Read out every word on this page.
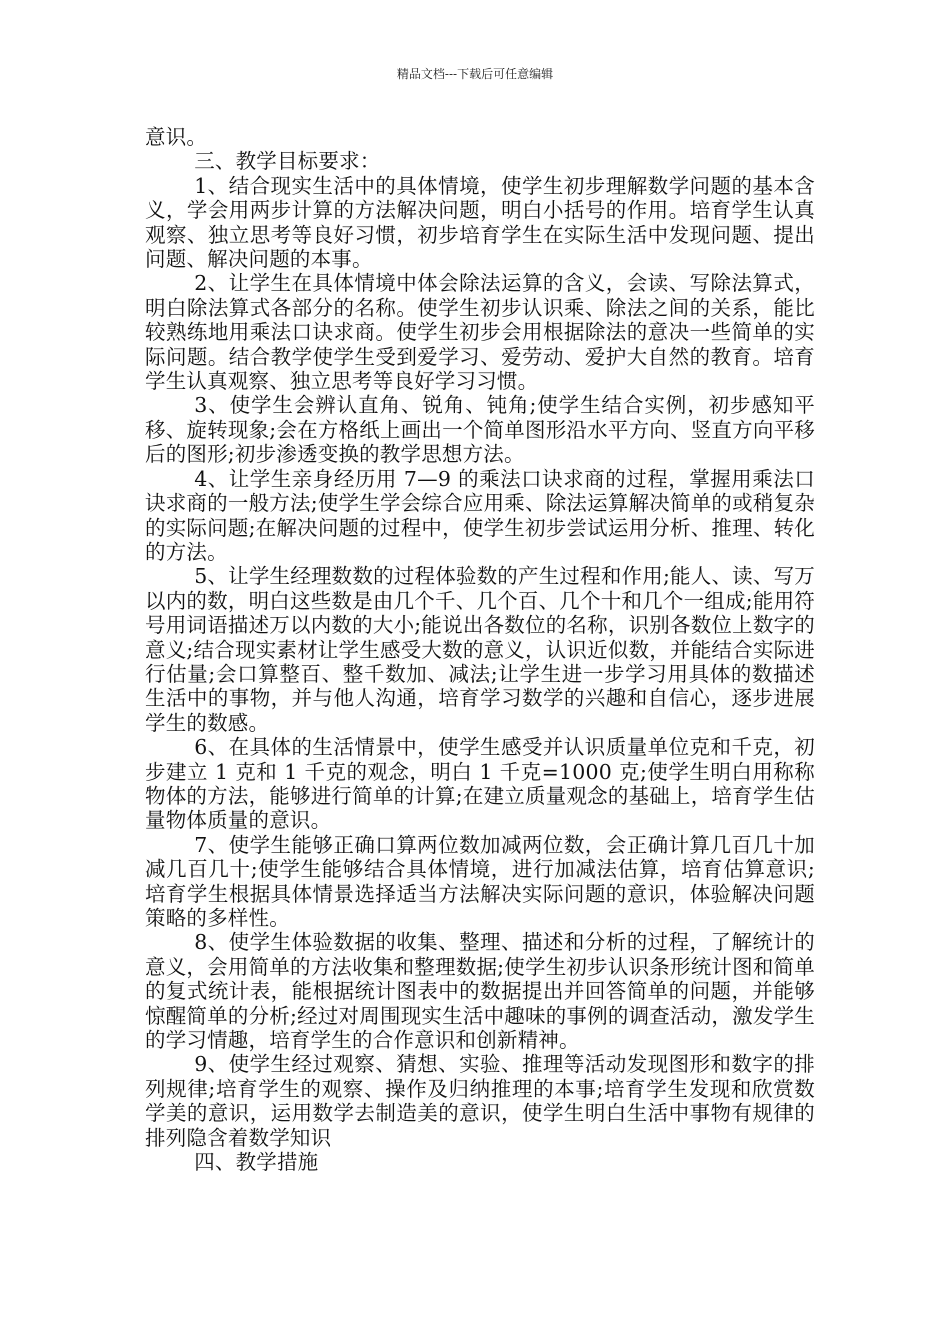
精品文档---下载后可任意编辑

意识。

三、教学目标要求：

1、结合现实生活中的具体情境，使学生初步理解数学问题的基本含义，学会用两步计算的方法解决问题，明白小括号的作用。培育学生认真观察、独立思考等良好习惯，初步培育学生在实际生活中发现问题、提出问题、解决问题的本事。

2、让学生在具体情境中体会除法运算的含义，会读、写除法算式，明白除法算式各部分的名称。使学生初步认识乘、除法之间的关系，能比较熟练地用乘法口诀求商。使学生初步会用根据除法的意决一些简单的实际问题。结合教学使学生受到爱学习、爱劳动、爱护大自然的教育。培育学生认真观察、独立思考等良好学习习惯。

3、使学生会辨认直角、锐角、钝角;使学生结合实例，初步感知平移、旋转现象;会在方格纸上画出一个简单图形沿水平方向、竖直方向平移后的图形;初步渗透变换的教学思想方法。

4、让学生亲身经历用 7—9 的乘法口诀求商的过程，掌握用乘法口诀求商的一般方法;使学生学会综合应用乘、除法运算解决简单的或稍复杂的实际问题;在解决问题的过程中，使学生初步尝试运用分析、推理、转化的方法。

5、让学生经理数数的过程体验数的产生过程和作用;能人、读、写万以内的数，明白这些数是由几个千、几个百、几个十和几个一组成;能用符号用词语描述万以内数的大小;能说出各数位的名称，识别各数位上数字的意义;结合现实素材让学生感受大数的意义，认识近似数，并能结合实际进行估量;会口算整百、整千数加、减法;让学生进一步学习用具体的数描述生活中的事物，并与他人沟通，培育学习数学的兴趣和自信心，逐步进展学生的数感。

6、在具体的生活情景中，使学生感受并认识质量单位克和千克，初步建立 1 克和 1 千克的观念，明白 1 千克=1000 克;使学生明白用称称物体的方法，能够进行简单的计算;在建立质量观念的基础上，培育学生估量物体质量的意识。

7、使学生能够正确口算两位数加减两位数，会正确计算几百几十加减几百几十;使学生能够结合具体情境，进行加减法估算，培育估算意识;培育学生根据具体情景选择适当方法解决实际问题的意识，体验解决问题策略的多样性。

8、使学生体验数据的收集、整理、描述和分析的过程，了解统计的意义，会用简单的方法收集和整理数据;使学生初步认识条形统计图和简单的复式统计表，能根据统计图表中的数据提出并回答简单的问题，并能够惊醒简单的分析;经过对周围现实生活中趣味的事例的调查活动，激发学生的学习情趣，培育学生的合作意识和创新精神。

9、使学生经过观察、猜想、实验、推理等活动发现图形和数字的排列规律;培育学生的观察、操作及归纳推理的本事;培育学生发现和欣赏数学美的意识，运用数学去制造美的意识，使学生明白生活中事物有规律的排列隐含着数学知识

四、教学措施
